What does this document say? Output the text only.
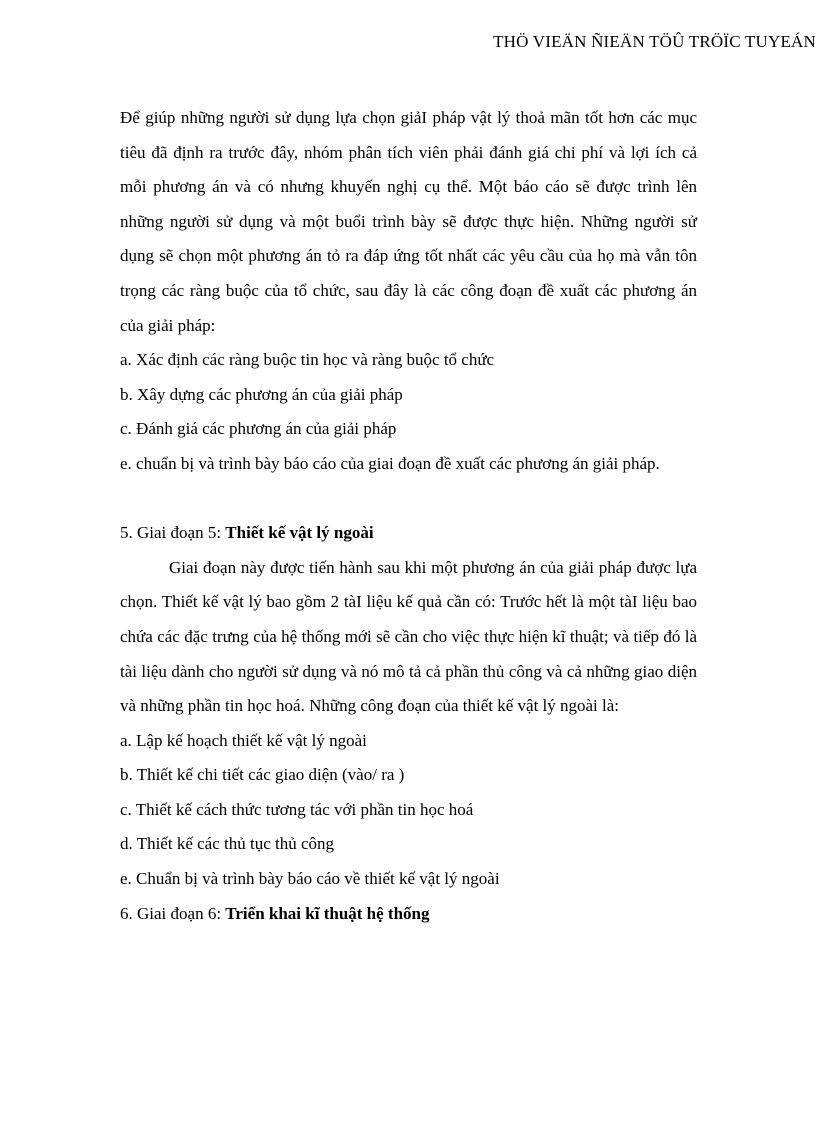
THÖ VIEÄN ÑIEÄN TÖÛ TRÖÏC TUYEÁN

Để giúp những người sử dụng lựa chọn giảI pháp vật lý thoả mãn tốt hơn các mục tiêu đã định ra trước đây, nhóm phân tích viên phải đánh giá chi phí và lợi ích cả mỗi phương án và có nhưng khuyến nghị cụ thể. Một báo cáo sẽ được trình lên những người sử dụng và một buổi trình bày sẽ được thực hiện. Những người sử dụng sẽ chọn một phương án tỏ ra đáp ứng tốt nhất các yêu cầu của họ mà vẫn tôn trọng các ràng buộc của tổ chức, sau đây là các công đoạn đề xuất các phương án của giải pháp:

a. Xác định các ràng buộc tin học và ràng buộc tổ chức
b. Xây dựng các phương án của giải pháp
c. Đánh giá các phương án của giải pháp
e. chuẩn bị và trình bày báo cáo của giai đoạn đề xuất các phương án giải pháp.

5. Giai đoạn 5: Thiết kế vật lý ngoài

Giai đoạn này được tiến hành sau khi một phương án của giải pháp được lựa chọn. Thiết kế vật lý bao gồm 2 tàI liệu kế quả cần có: Trước hết là một tàI liệu bao chứa các đặc trưng của hệ thống mới sẽ cần cho việc thực hiện kĩ thuật; và tiếp đó là tài liệu dành cho người sử dụng và nó mô tả cả phần thủ công và cả những giao diện và những phần tin học hoá. Những công đoạn của thiết kế vật lý ngoài là:

a. Lập kế hoạch thiết kế vật lý ngoài
b. Thiết kế chi tiết các giao diện (vào/ ra )
c. Thiết kế cách thức tương tác với phần tin học hoá
d. Thiết kế các thủ tục thủ công
e. Chuẩn bị và trình bày báo cáo về thiết kế vật lý ngoài

6. Giai đoạn 6: Triển khai kĩ thuật hệ thống
